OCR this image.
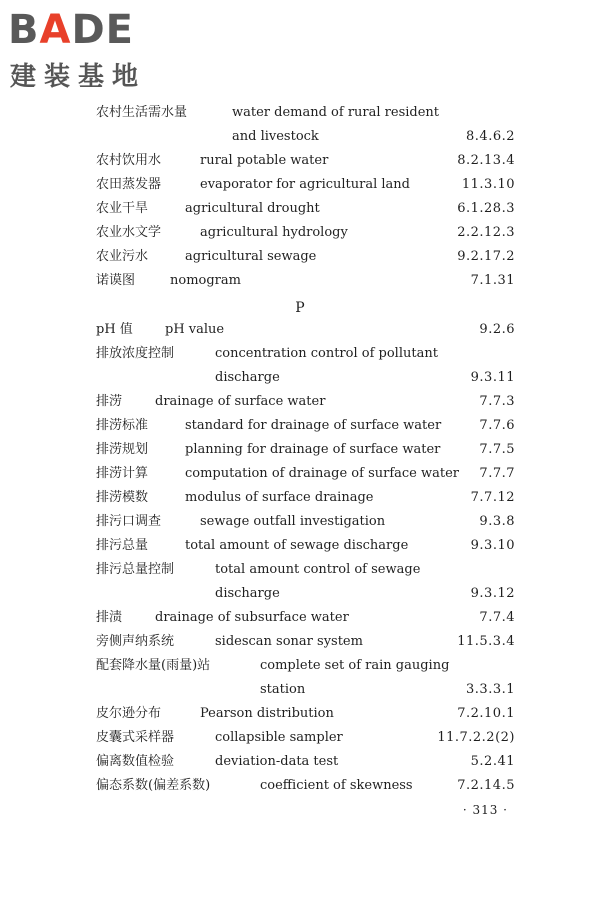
BADE
建装基地
农村生活需水量	water demand of rural resident
and livestock	8.4.6.2
农村饮用水	rural potable water	8.2.13.4
农田蒸发器	evaporator for agricultural land	11.3.10
农业干旱	agricultural drought	6.1.28.3
农业水文学	agricultural hydrology	2.2.12.3
农业污水	agricultural sewage	9.2.17.2
诺谟图	nomogram	7.1.31
P
pH 值 pH value	9.2.6
排放浓度控制	concentration control of pollutant
discharge	9.3.11
排涝	drainage of surface water	7.7.3
排涝标准	standard for drainage of surface water	7.7.6
排涝规划	planning for drainage of surface water	7.7.5
排涝计算	computation of drainage of surface water 7.7.7
排涝模数	modulus of surface drainage	7.7.12
排污口调查	sewage outfall investigation	9.3.8
排污总量	total amount of sewage discharge	9.3.10
排污总量控制	total amount control of sewage
discharge	9.3.12
排渍	drainage of subsurface water	7.7.4
旁侧声纳系统	sidescan sonar system	11.5.3.4
配套降水量(雨量)站	complete set of rain gauging
station	3.3.3.1
皮尔逊分布	Pearson distribution	7.2.10.1
皮囊式采样器	collapsible sampler	11.7.2.2(2)
偏离数值检验	deviation-data test	5.2.41
偏态系数(偏差系数)	coefficient of skewness	7.2.14.5
· 313 ·
